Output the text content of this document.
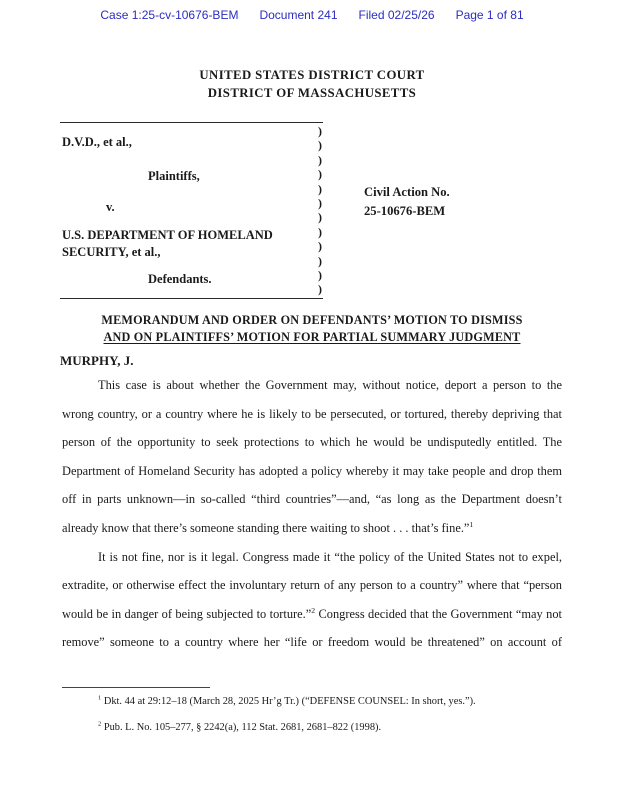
Case 1:25-cv-10676-BEM Document 241 Filed 02/25/26 Page 1 of 81
UNITED STATES DISTRICT COURT
DISTRICT OF MASSACHUSETTS
D.V.D., et al.,
Plaintiffs,
v.
U.S. DEPARTMENT OF HOMELAND SECURITY, et al.,
Defendants.
)
)
)
)
)
)
)
)
)
)
)
)
Civil Action No.
25-10676-BEM
MEMORANDUM AND ORDER ON DEFENDANTS’ MOTION TO DISMISS
AND ON PLAINTIFFS’ MOTION FOR PARTIAL SUMMARY JUDGMENT
MURPHY, J.

This case is about whether the Government may, without notice, deport a person to the wrong country, or a country where he is likely to be persecuted, or tortured, thereby depriving that person of the opportunity to seek protections to which he would be undisputedly entitled. The Department of Homeland Security has adopted a policy whereby it may take people and drop them off in parts unknown—in so-called “third countries”—and, “as long as the Department doesn’t already know that there’s someone standing there waiting to shoot . . . that’s fine.”$^1$

It is not fine, nor is it legal. Congress made it “the policy of the United States not to expel, extradite, or otherwise effect the involuntary return of any person to a country” where that “person would be in danger of being subjected to torture.”$^2$ Congress decided that the Government “may not remove” someone to a country where her “life or freedom would be threatened” on account of

$^1$ Dkt. 44 at 29:12–18 (March 28, 2025 Hr’g Tr.) (“DEFENSE COUNSEL: In short, yes.”).

$^2$ Pub. L. No. 105–277, § 2242(a), 112 Stat. 2681, 2681–822 (1998).
